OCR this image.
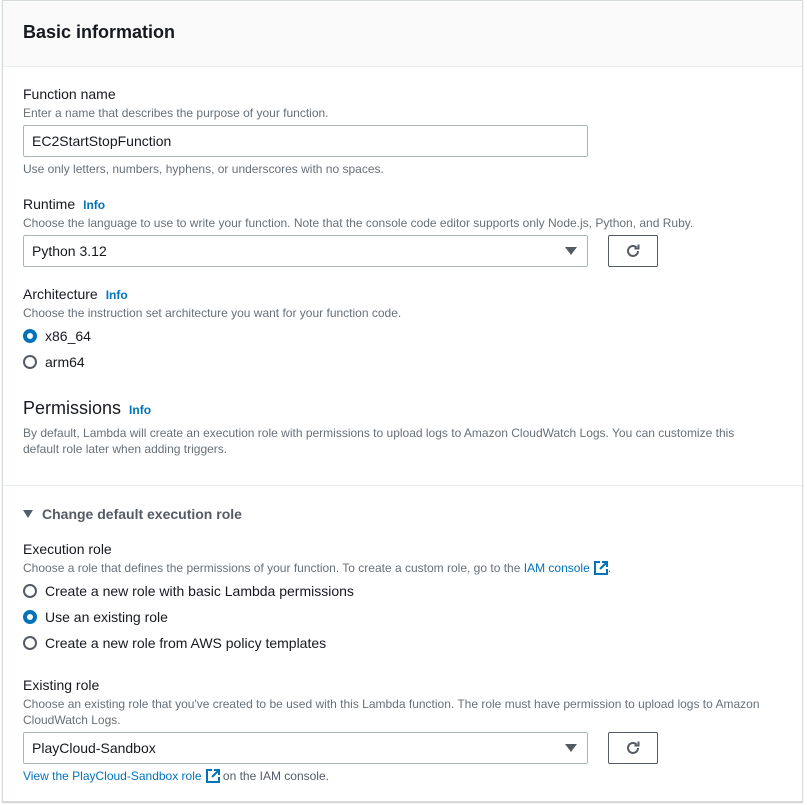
Basic information
Function name
Enter a name that describes the purpose of your function.
EC2StartStopFunction
Use only letters, numbers, hyphens, or underscores with no spaces.
Runtime Info
Choose the language to use to write your function. Note that the console code editor supports only Node.js, Python, and Ruby.
Python 3.12
Architecture Info
Choose the instruction set architecture you want for your function code.
x86_64
arm64
Permissions Info
By default, Lambda will create an execution role with permissions to upload logs to Amazon CloudWatch Logs. You can customize this default role later when adding triggers.
Change default execution role
Execution role
Choose a role that defines the permissions of your function. To create a custom role, go to the IAM console .
Create a new role with basic Lambda permissions
Use an existing role
Create a new role from AWS policy templates
Existing role
Choose an existing role that you've created to be used with this Lambda function. The role must have permission to upload logs to Amazon CloudWatch Logs.
PlayCloud-Sandbox
View the PlayCloud-Sandbox role on the IAM console.
